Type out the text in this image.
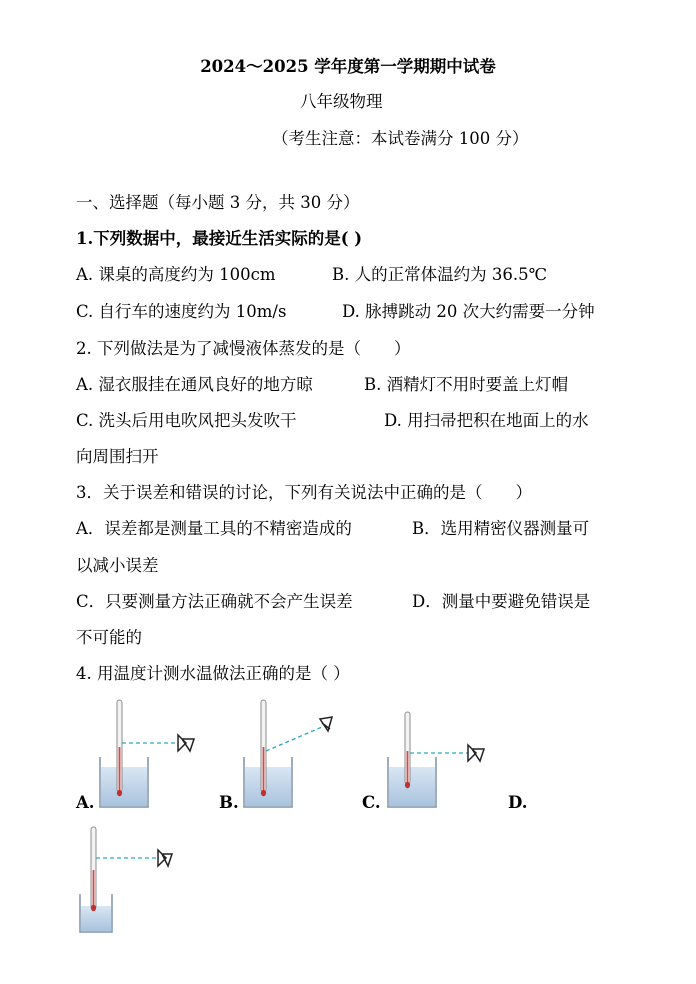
2024～2025 学年度第一学期期中试卷
八年级物理
（考生注意：本试卷满分 100 分）
一、选择题（每小题 3 分，共 30 分）
1.下列数据中，最接近生活实际的是( )
A. 课桌的高度约为 100cm	B. 人的正常体温约为 36.5℃
C. 自行车的速度约为 10m/s	D. 脉搏跳动 20 次大约需要一分钟
2. 下列做法是为了减慢液体蒸发的是（　　）
A. 湿衣服挂在通风良好的地方晾	B. 酒精灯不用时要盖上灯帽
C. 洗头后用电吹风把头发吹干	D. 用扫帚把积在地面上的水
向周围扫开
3．关于误差和错误的讨论，下列有关说法中正确的是（　　）
A．误差都是测量工具的不精密造成的	B．选用精密仪器测量可
以减小误差
C．只要测量方法正确就不会产生误差	D．测量中要避免错误是
不可能的
4. 用温度计测水温做法正确的是（ ）
A.	B.	C.	D.
